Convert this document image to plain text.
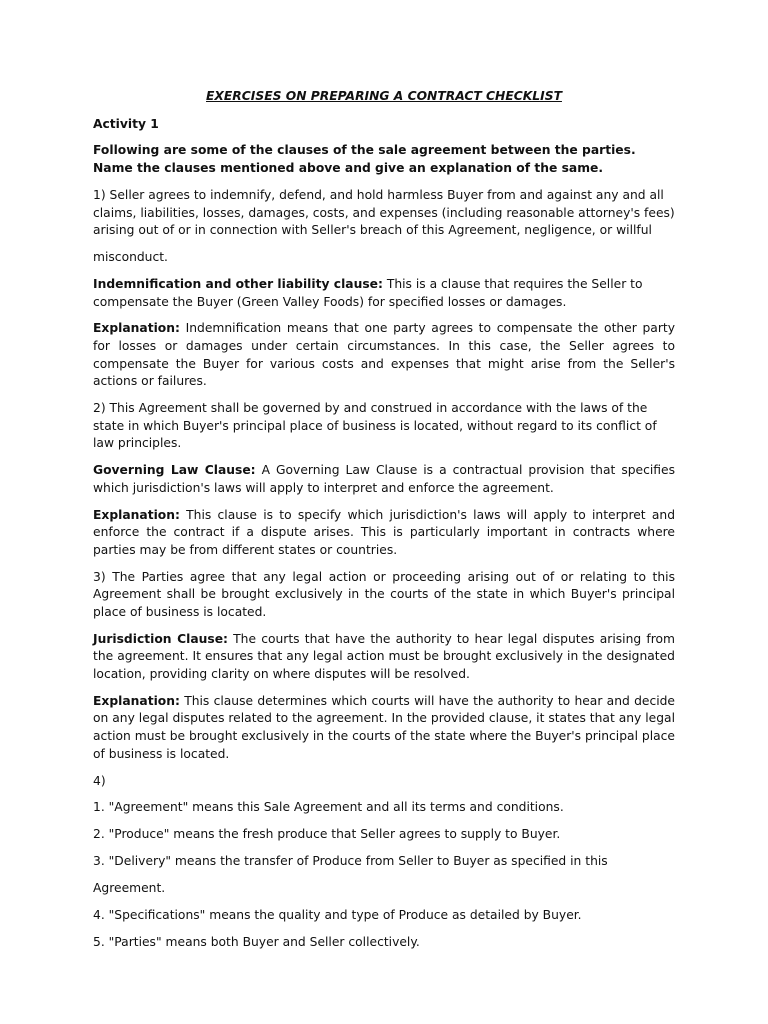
EXERCISES ON PREPARING A CONTRACT CHECKLIST

Activity 1

Following are some of the clauses of the sale agreement between the parties. Name the clauses mentioned above and give an explanation of the same.

1) Seller agrees to indemnify, defend, and hold harmless Buyer from and against any and all claims, liabilities, losses, damages, costs, and expenses (including reasonable attorney's fees) arising out of or in connection with Seller's breach of this Agreement, negligence, or willful

misconduct.

Indemnification and other liability clause: This is a clause that requires the Seller to compensate the Buyer (Green Valley Foods) for specified losses or damages.

Explanation: Indemnification means that one party agrees to compensate the other party for losses or damages under certain circumstances. In this case, the Seller agrees to compensate the Buyer for various costs and expenses that might arise from the Seller's actions or failures.

2) This Agreement shall be governed by and construed in accordance with the laws of the state in which Buyer's principal place of business is located, without regard to its conflict of law principles.

Governing Law Clause: A Governing Law Clause is a contractual provision that specifies which jurisdiction's laws will apply to interpret and enforce the agreement.

Explanation: This clause is to specify which jurisdiction's laws will apply to interpret and enforce the contract if a dispute arises. This is particularly important in contracts where parties may be from different states or countries.

3) The Parties agree that any legal action or proceeding arising out of or relating to this Agreement shall be brought exclusively in the courts of the state in which Buyer's principal place of business is located.

Jurisdiction Clause: The courts that have the authority to hear legal disputes arising from the agreement. It ensures that any legal action must be brought exclusively in the designated location, providing clarity on where disputes will be resolved.

Explanation: This clause determines which courts will have the authority to hear and decide on any legal disputes related to the agreement. In the provided clause, it states that any legal action must be brought exclusively in the courts of the state where the Buyer's principal place of business is located.

4)

1. "Agreement" means this Sale Agreement and all its terms and conditions.

2. "Produce" means the fresh produce that Seller agrees to supply to Buyer.

3. "Delivery" means the transfer of Produce from Seller to Buyer as specified in this

Agreement.

4. "Specifications" means the quality and type of Produce as detailed by Buyer.

5. "Parties" means both Buyer and Seller collectively.
